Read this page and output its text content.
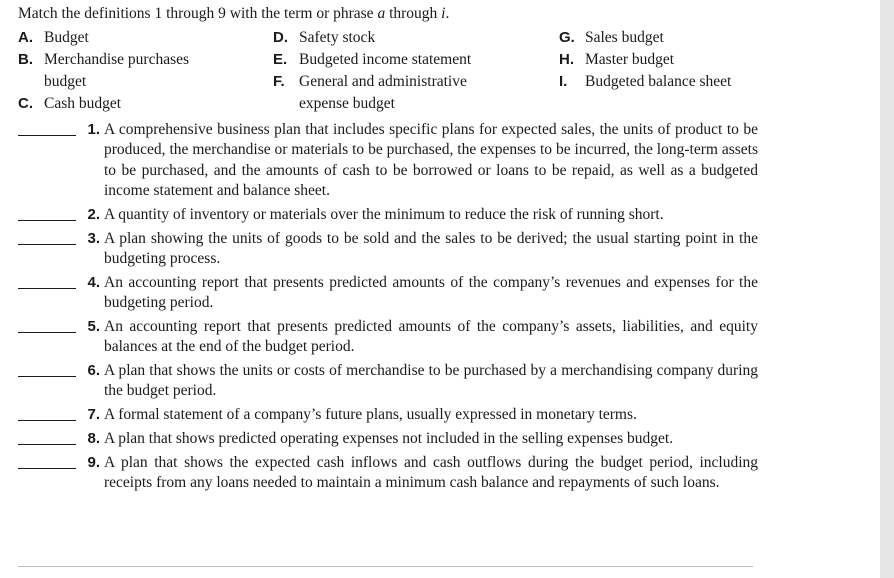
Match the definitions 1 through 9 with the term or phrase a through i.
A. Budget
B. Merchandise purchases
budget
C. Cash budget
D. Safety stock
E. Budgeted income statement
F. General and administrative
expense budget
G. Sales budget
H. Master budget
I. Budgeted balance sheet
1. A comprehensive business plan that includes specific plans for expected sales, the units of product to be produced, the merchandise or materials to be purchased, the expenses to be incurred, the long-term assets to be purchased, and the amounts of cash to be borrowed or loans to be repaid, as well as a budgeted income statement and balance sheet.
2. A quantity of inventory or materials over the minimum to reduce the risk of running short.
3. A plan showing the units of goods to be sold and the sales to be derived; the usual starting point in the budgeting process.
4. An accounting report that presents predicted amounts of the company’s revenues and expenses for the budgeting period.
5. An accounting report that presents predicted amounts of the company’s assets, liabilities, and equity balances at the end of the budget period.
6. A plan that shows the units or costs of merchandise to be purchased by a merchandising company during the budget period.
7. A formal statement of a company’s future plans, usually expressed in monetary terms.
8. A plan that shows predicted operating expenses not included in the selling expenses budget.
9. A plan that shows the expected cash inflows and cash outflows during the budget period, including receipts from any loans needed to maintain a minimum cash balance and repayments of such loans.
